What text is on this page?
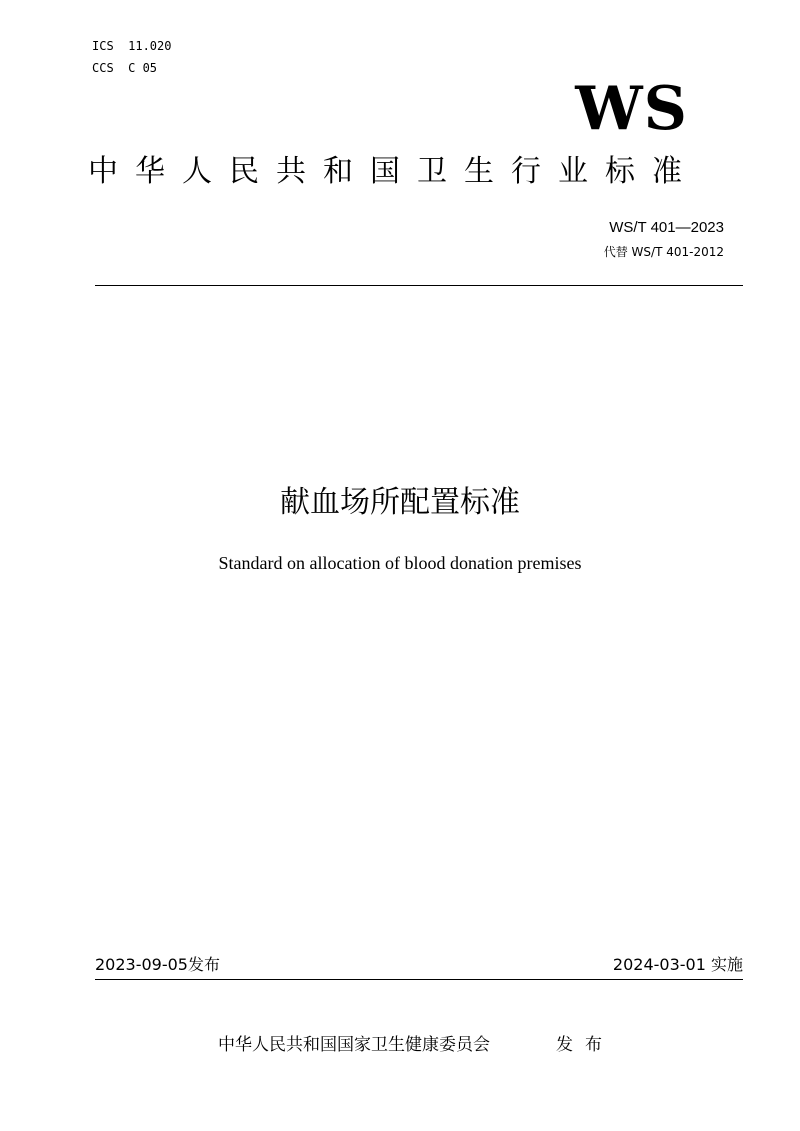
ICS  11.020
CCS  C 05
WS
中华人民共和国卫生行业标准
WS/T 401—2023
代替 WS/T 401-2012
献血场所配置标准
Standard on allocation of blood donation premises
2023-09-05发布	2024-03-01 实施
中华人民共和国国家卫生健康委员会	发布
